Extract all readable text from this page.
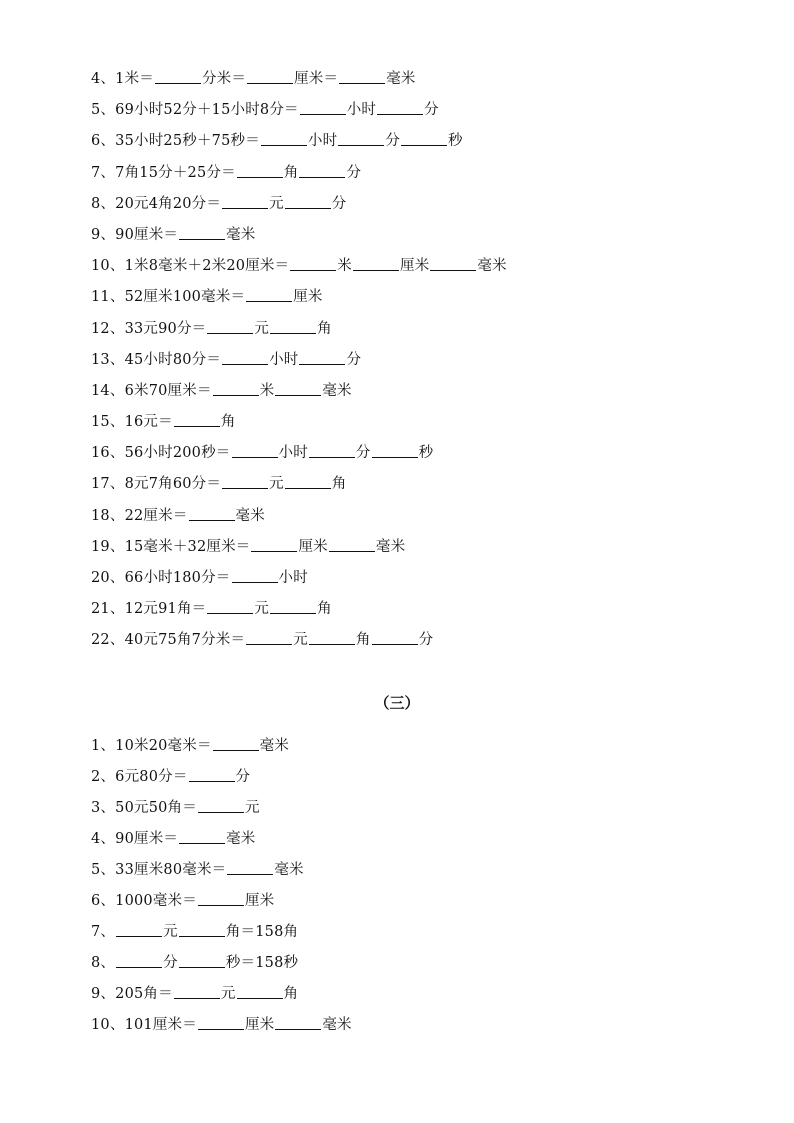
4、1米＝	分米＝	厘米＝	毫米
5、69小时52分＋15小时8分＝	小时	分
6、35小时25秒＋75秒＝	小时	分	秒
7、7角15分＋25分＝	角	分
8、20元4角20分＝	元	分
9、90厘米＝	毫米
10、1米8毫米＋2米20厘米＝	米	厘米	毫米
11、52厘米100毫米＝	厘米
12、33元90分＝	元	角
13、45小时80分＝	小时	分
14、6米70厘米＝	米	毫米
15、16元＝	角
16、56小时200秒＝	小时	分	秒
17、8元7角60分＝	元	角
18、22厘米＝	毫米
19、15毫米＋32厘米＝	厘米	毫米
20、66小时180分＝	小时
21、12元91角＝	元	角
22、40元75角7分米＝	元	角	分
（三）
1、10米20毫米＝	毫米
2、6元80分＝	分
3、50元50角＝	元
4、90厘米＝	毫米
5、33厘米80毫米＝	毫米
6、1000毫米＝	厘米
7、	元	角＝158角
8、	分	秒＝158秒
9、205角＝	元	角
10、101厘米＝	厘米	毫米
